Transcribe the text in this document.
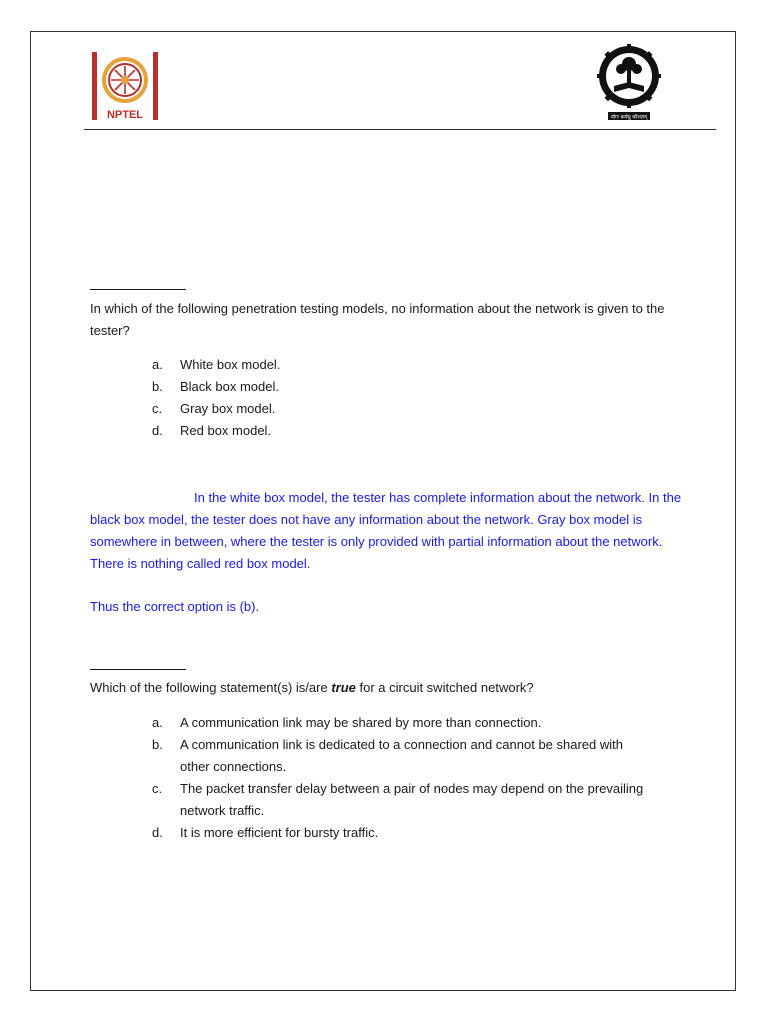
NPTEL	योगः कर्मसु कौशलम्

In which of the following penetration testing models, no information about the network is given to the tester?

a.	White box model.
b.	Black box model.
c.	Gray box model.
d.	Red box model.

In the white box model, the tester has complete information about the network. In the black box model, the tester does not have any information about the network. Gray box model is somewhere in between, where the tester is only provided with partial information about the network. There is nothing called red box model.

Thus the correct option is (b).

Which of the following statement(s) is/are true for a circuit switched network?

a.	A communication link may be shared by more than connection.
b.	A communication link is dedicated to a connection and cannot be shared with other connections.
c.	The packet transfer delay between a pair of nodes may depend on the prevailing network traffic.
d.	It is more efficient for bursty traffic.
